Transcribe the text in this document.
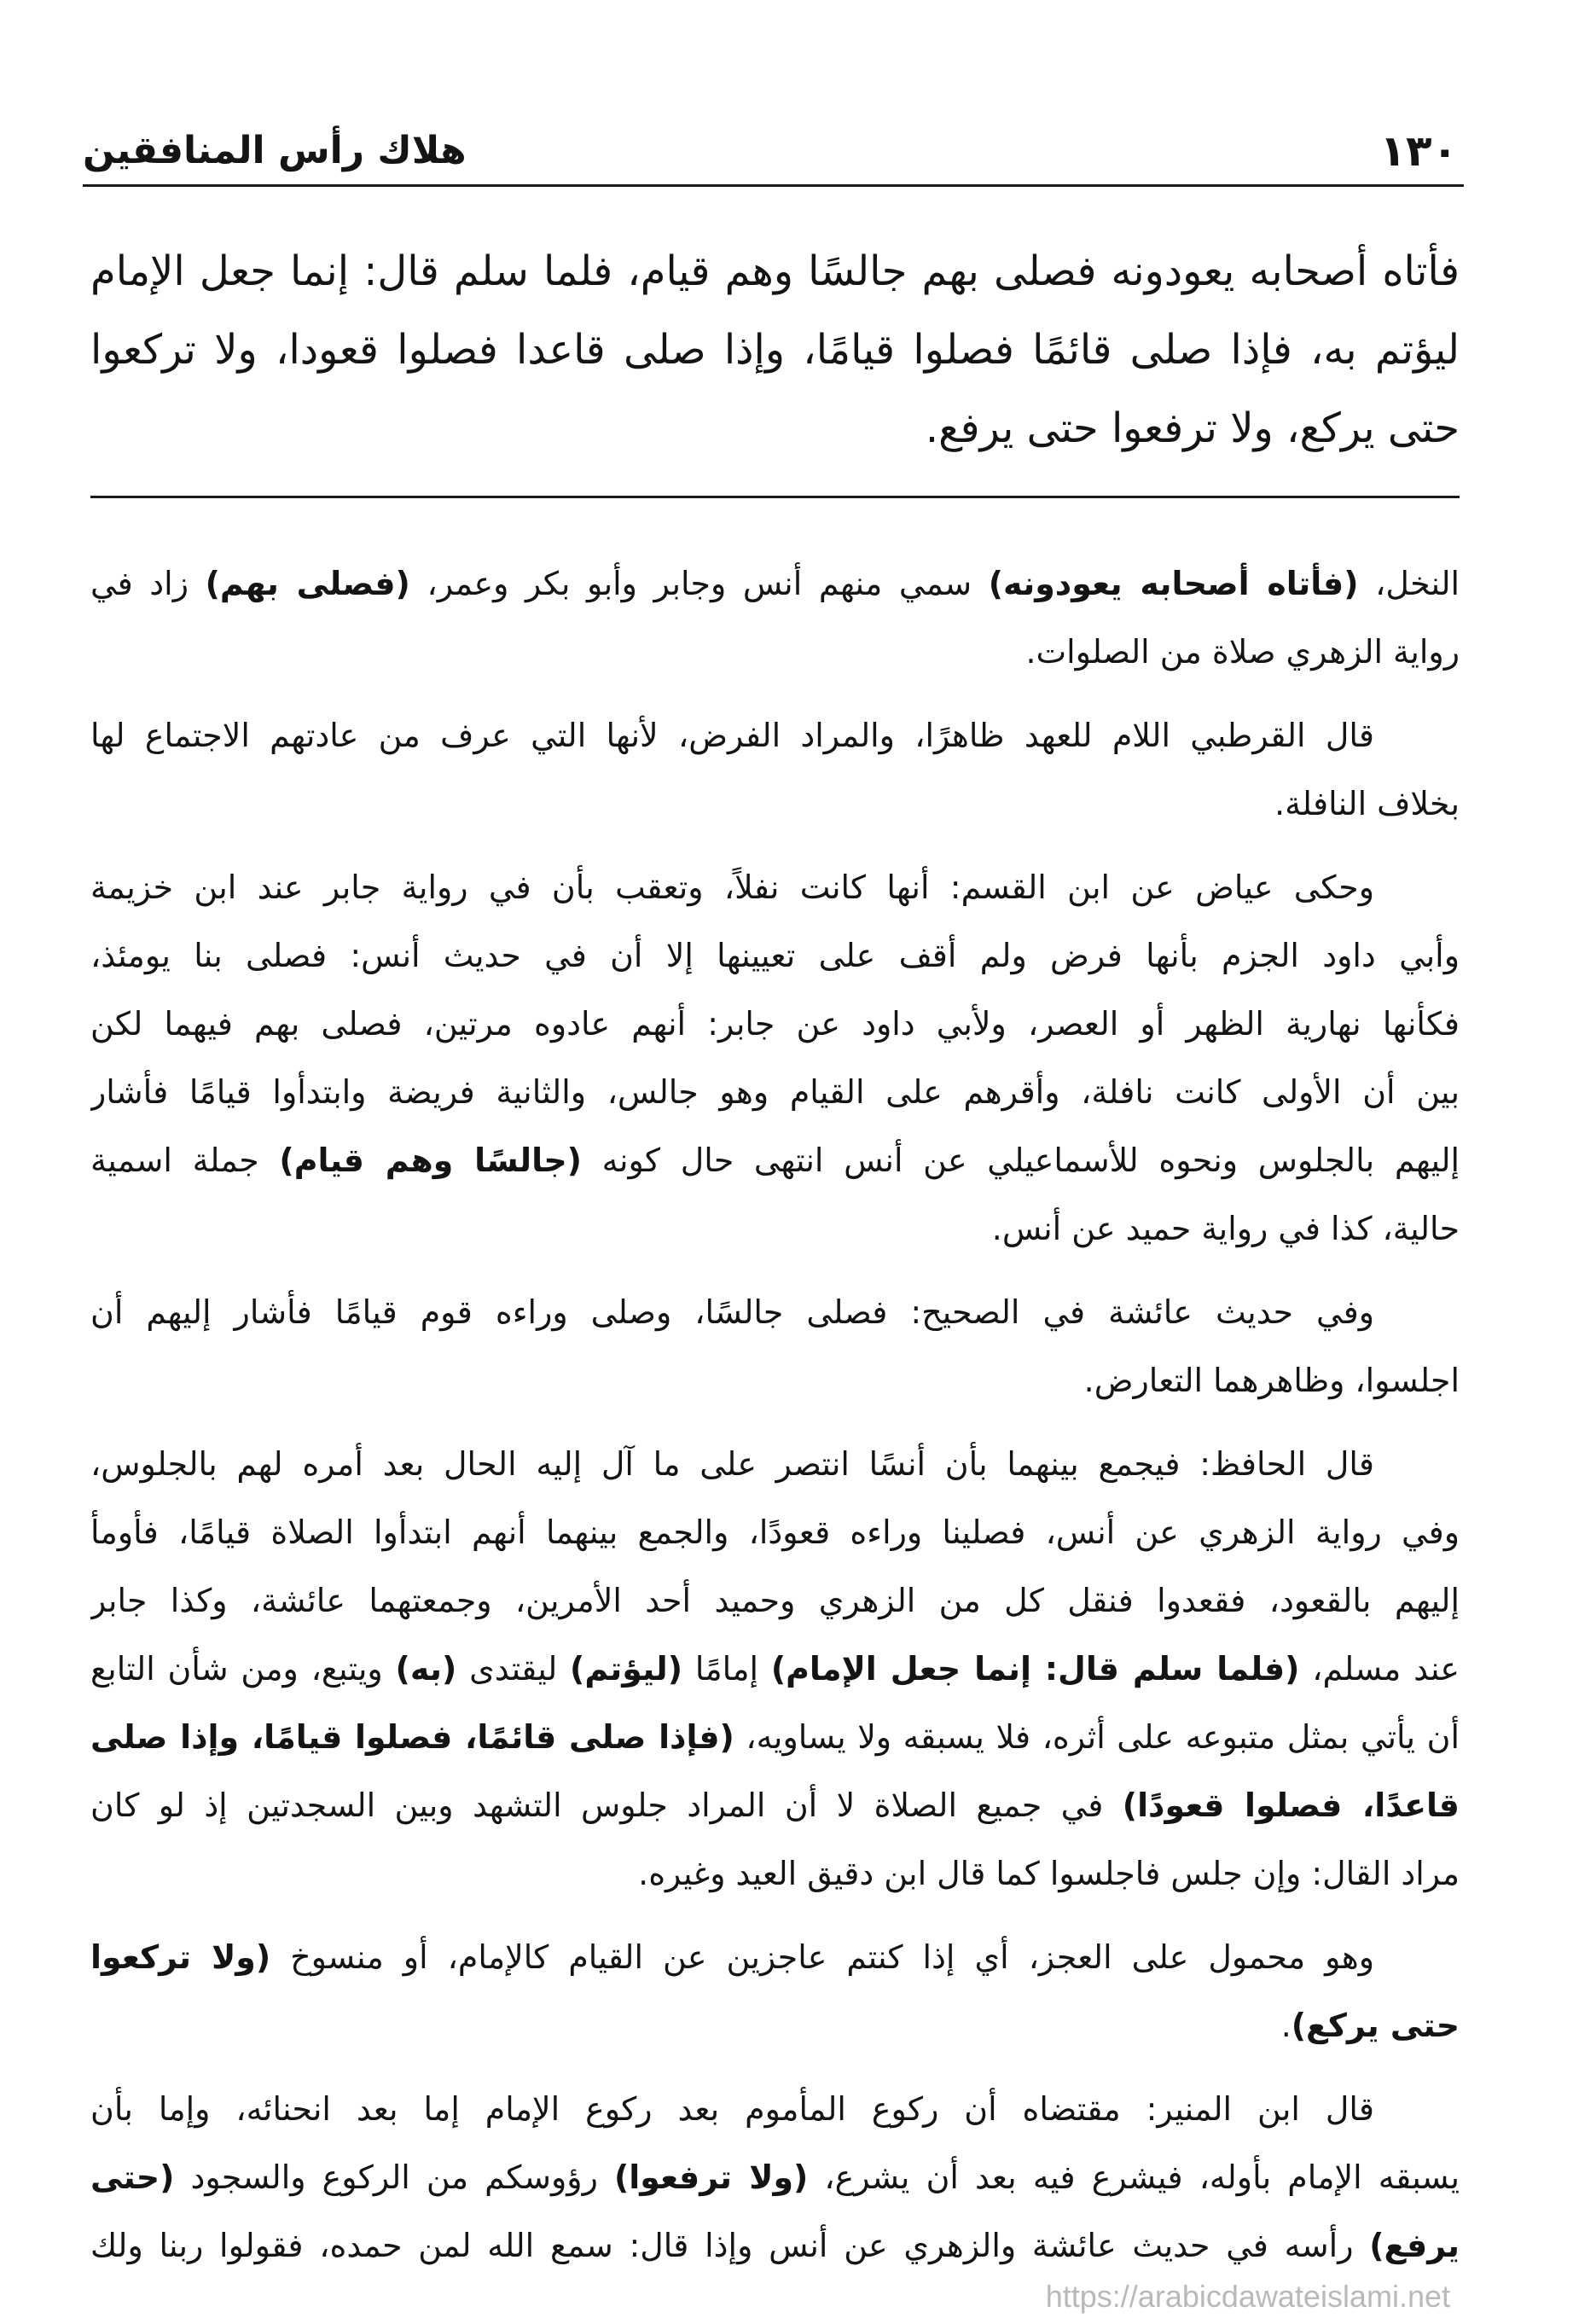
١٣٠
هلاك رأس المنافقين
فأتاه أصحابه يعودونه فصلى بهم جالسًا وهم قيام، فلما سلم قال: إنما جعل الإمام
ليؤتم به، فإذا صلى قائمًا فصلوا قيامًا، وإذا صلى قاعدا فصلوا قعودا، ولا تركعوا
حتى يركع، ولا ترفعوا حتى يرفع.
النخل، (فأتاه أصحابه يعودونه) سمي منهم أنس وجابر وأبو بكر وعمر، (فصلى بهم) زاد في
رواية الزهري صلاة من الصلوات.
قال القرطبي اللام للعهد ظاهرًا، والمراد الفرض، لأنها التي عرف من عادتهم الاجتماع لها
بخلاف النافلة.
وحكى عياض عن ابن القسم: أنها كانت نفلاً، وتعقب بأن في رواية جابر عند ابن خزيمة
وأبي داود الجزم بأنها فرض ولم أقف على تعيينها إلا أن في حديث أنس: فصلى بنا يومئذ،
فكأنها نهارية الظهر أو العصر، ولأبي داود عن جابر: أنهم عادوه مرتين، فصلى بهم فيهما لكن
بين أن الأولى كانت نافلة، وأقرهم على القيام وهو جالس، والثانية فريضة وابتدأوا قيامًا فأشار
إليهم بالجلوس ونحوه للأسماعيلي عن أنس انتهى حال كونه (جالسًا وهم قيام) جملة اسمية
حالية، كذا في رواية حميد عن أنس.
وفي حديث عائشة في الصحيح: فصلى جالسًا، وصلى وراءه قوم قيامًا فأشار إليهم أن
اجلسوا، وظاهرهما التعارض.
قال الحافظ: فيجمع بينهما بأن أنسًا انتصر على ما آل إليه الحال بعد أمره لهم بالجلوس،
وفي رواية الزهري عن أنس، فصلينا وراءه قعودًا، والجمع بينهما أنهم ابتدأوا الصلاة قيامًا، فأومأ
إليهم بالقعود، فقعدوا فنقل كل من الزهري وحميد أحد الأمرين، وجمعتهما عائشة، وكذا جابر
عند مسلم، (فلما سلم قال: إنما جعل الإمام) إمامًا (ليؤتم) ليقتدى (به) ويتبع، ومن شأن التابع
أن يأتي بمثل متبوعه على أثره، فلا يسبقه ولا يساويه، (فإذا صلى قائمًا، فصلوا قيامًا، وإذا صلى
قاعدًا، فصلوا قعودًا) في جميع الصلاة لا أن المراد جلوس التشهد وبين السجدتين إذ لو كان
مراد القال: وإن جلس فاجلسوا كما قال ابن دقيق العيد وغيره.
وهو محمول على العجز، أي إذا كنتم عاجزين عن القيام كالإمام، أو منسوخ (ولا تركعوا
حتى يركع).
قال ابن المنير: مقتضاه أن ركوع المأموم بعد ركوع الإمام إما بعد انحنائه، وإما بأن
يسبقه الإمام بأوله، فيشرع فيه بعد أن يشرع، (ولا ترفعوا) رؤوسكم من الركوع والسجود (حتى
يرفع) رأسه في حديث عائشة والزهري عن أنس وإذا قال: سمع الله لمن حمده، فقولوا ربنا ولك
https://arabicdawateislami.net
